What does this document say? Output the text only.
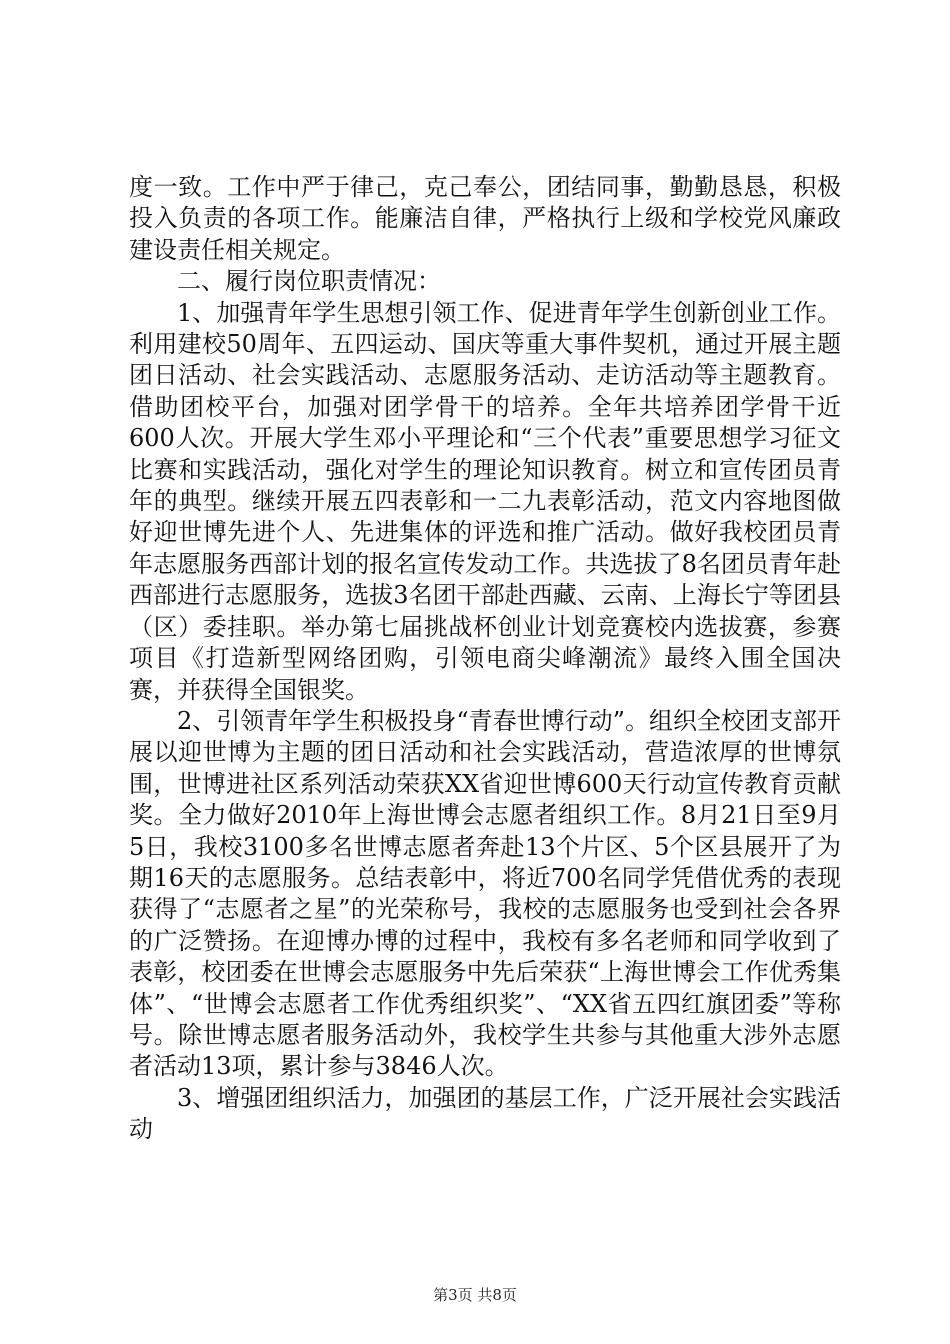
度一致。工作中严于律己，克己奉公，团结同事，勤勤恳恳，积极投入负责的各项工作。能廉洁自律，严格执行上级和学校党风廉政建设责任相关规定。

二、履行岗位职责情况：

1、加强青年学生思想引领工作、促进青年学生创新创业工作。利用建校50周年、五四运动、国庆等重大事件契机，通过开展主题团日活动、社会实践活动、志愿服务活动、走访活动等主题教育。借助团校平台，加强对团学骨干的培养。全年共培养团学骨干近600人次。开展大学生邓小平理论和“三个代表”重要思想学习征文比赛和实践活动，强化对学生的理论知识教育。树立和宣传团员青年的典型。继续开展五四表彰和一二九表彰活动，范文内容地图做好迎世博先进个人、先进集体的评选和推广活动。做好我校团员青年志愿服务西部计划的报名宣传发动工作。共选拔了8名团员青年赴西部进行志愿服务，选拔3名团干部赴西藏、云南、上海长宁等团县（区）委挂职。举办第七届挑战杯创业计划竞赛校内选拔赛，参赛项目《打造新型网络团购，引领电商尖峰潮流》最终入围全国决赛，并获得全国银奖。

2、引领青年学生积极投身“青春世博行动”。组织全校团支部开展以迎世博为主题的团日活动和社会实践活动，营造浓厚的世博氛围，世博进社区系列活动荣获XX省迎世博600天行动宣传教育贡献奖。全力做好2010年上海世博会志愿者组织工作。8月21日至9月5日，我校3100多名世博志愿者奔赴13个片区、5个区县展开了为期16天的志愿服务。总结表彰中，将近700名同学凭借优秀的表现获得了“志愿者之星”的光荣称号，我校的志愿服务也受到社会各界的广泛赞扬。在迎博办博的过程中，我校有多名老师和同学收到了表彰，校团委在世博会志愿服务中先后荣获“上海世博会工作优秀集体”、“世博会志愿者工作优秀组织奖”、“XX省五四红旗团委”等称号。除世博志愿者服务活动外，我校学生共参与其他重大涉外志愿者活动13项，累计参与3846人次。

3、增强团组织活力，加强团的基层工作，广泛开展社会实践活动

第3页 共8页
